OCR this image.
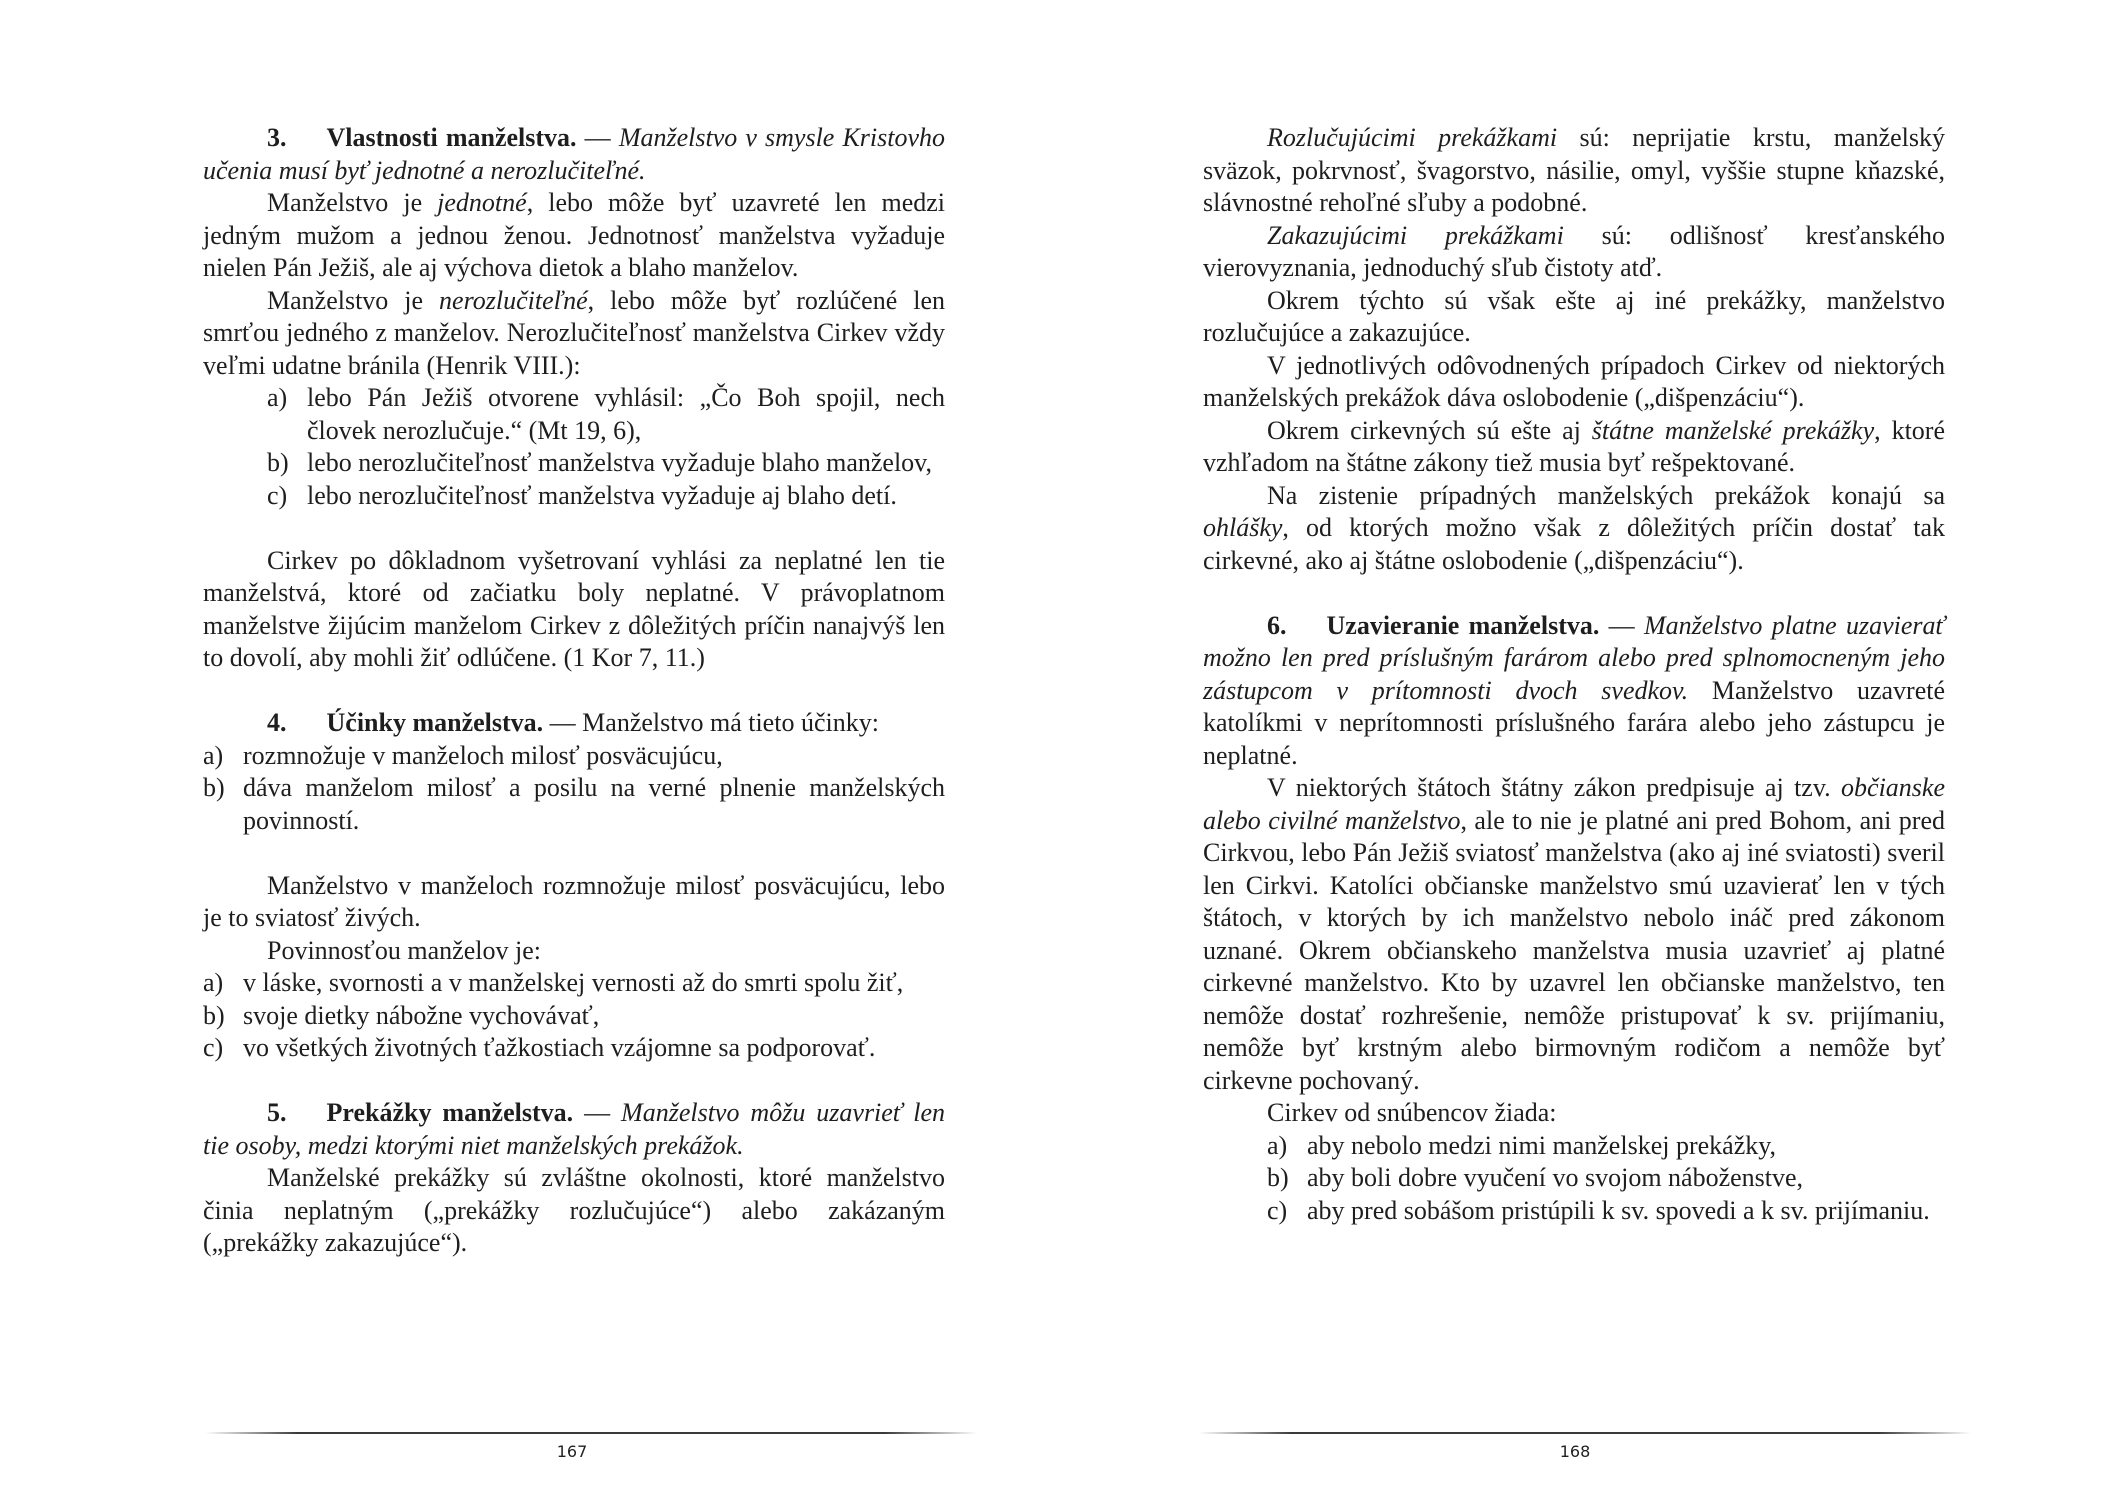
3. Vlastnosti manželstva. — Manželstvo v smysle Kristovho učenia musí byť jednotné a nerozlučiteľné.

Manželstvo je jednotné, lebo môže byť uzavreté len medzi jedným mužom a jednou ženou. Jednotnosť manželstva vyžaduje nielen Pán Ježiš, ale aj výchova dietok a blaho manželov.

Manželstvo je nerozlučiteľné, lebo môže byť rozlúčené len smrťou jedného z manželov. Nerozlučiteľnosť manželstva Cirkev vždy veľmi udatne bránila (Henrik VIII.):

a) lebo Pán Ježiš otvorene vyhlásil: „Čo Boh spojil, nech človek nerozlučuje.“ (Mt 19, 6),
b) lebo nerozlučiteľnosť manželstva vyžaduje blaho manželov,
c) lebo nerozlučiteľnosť manželstva vyžaduje aj blaho detí.

Cirkev po dôkladnom vyšetrovaní vyhlási za neplatné len tie manželstvá, ktoré od začiatku boly neplatné. V právoplatnom manželstve žijúcim manželom Cirkev z dôležitých príčin nanajvýš len to dovolí, aby mohli žiť odlúčene. (1 Kor 7, 11.)

4. Účinky manželstva. — Manželstvo má tieto účinky:

a) rozmnožuje v manželoch milosť posväcujúcu,
b) dáva manželom milosť a posilu na verné plnenie manželských povinností.

Manželstvo v manželoch rozmnožuje milosť posväcujúcu, lebo je to sviatosť živých.

Povinnosťou manželov je:

a) v láske, svornosti a v manželskej vernosti až do smrti spolu žiť,
b) svoje dietky nábožne vychovávať,
c) vo všetkých životných ťažkostiach vzájomne sa podporovať.

5. Prekážky manželstva. — Manželstvo môžu uzavrieť len tie osoby, medzi ktorými niet manželských prekážok.

Manželské prekážky sú zvláštne okolnosti, ktoré manželstvo činia neplatným („prekážky rozlučujúce“) alebo zakázaným („prekážky zakazujúce“).

167

Rozlučujúcimi prekážkami sú: neprijatie krstu, manželský sväzok, pokrvnosť, švagorstvo, násilie, omyl, vyššie stupne kňazské, slávnostné rehoľné sľuby a podobné.

Zakazujúcimi prekážkami sú: odlišnosť kresťanského vierovyznania, jednoduchý sľub čistoty atď.

Okrem týchto sú však ešte aj iné prekážky, manželstvo rozlučujúce a zakazujúce.

V jednotlivých odôvodnených prípadoch Cirkev od niektorých manželských prekážok dáva oslobodenie („dišpenzáciu“).

Okrem cirkevných sú ešte aj štátne manželské prekážky, ktoré vzhľadom na štátne zákony tiež musia byť rešpektované.

Na zistenie prípadných manželských prekážok konajú sa ohlášky, od ktorých možno však z dôležitých príčin dostať tak cirkevné, ako aj štátne oslobodenie („dišpenzáciu“).

6. Uzavieranie manželstva. — Manželstvo platne uzavierať možno len pred príslušným farárom alebo pred splnomocneným jeho zástupcom v prítomnosti dvoch svedkov. Manželstvo uzavreté katolíkmi v neprítomnosti príslušného farára alebo jeho zástupcu je neplatné.

V niektorých štátoch štátny zákon predpisuje aj tzv. občianske alebo civilné manželstvo, ale to nie je platné ani pred Bohom, ani pred Cirkvou, lebo Pán Ježiš sviatosť manželstva (ako aj iné sviatosti) sveril len Cirkvi. Katolíci občianske manželstvo smú uzavierať len v tých štátoch, v ktorých by ich manželstvo nebolo ináč pred zákonom uznané. Okrem občianskeho manželstva musia uzavrieť aj platné cirkevné manželstvo. Kto by uzavrel len občianske manželstvo, ten nemôže dostať rozhrešenie, nemôže pristupovať k sv. prijímaniu, nemôže byť krstným alebo birmovným rodičom a nemôže byť cirkevne pochovaný.

Cirkev od snúbencov žiada:

a) aby nebolo medzi nimi manželskej prekážky,
b) aby boli dobre vyučení vo svojom náboženstve,
c) aby pred sobášom pristúpili k sv. spovedi a k sv. prijímaniu.
168
